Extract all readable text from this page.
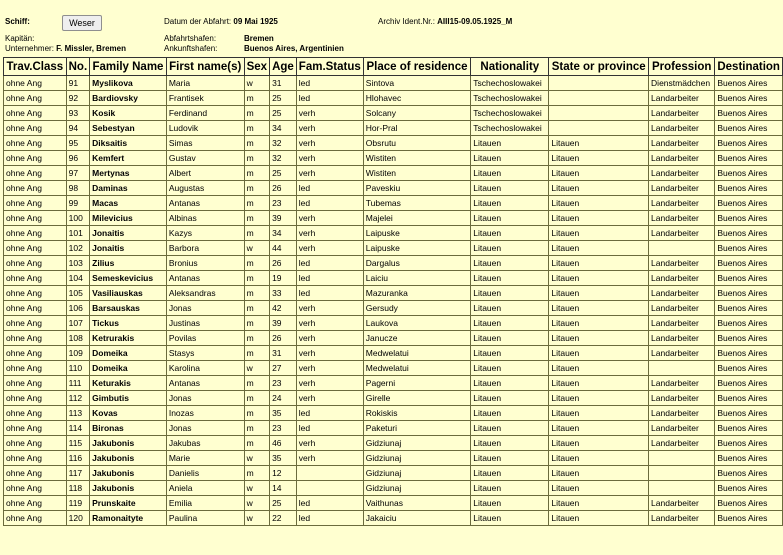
Schiff:	Weser
Kapitän:
Unternehmer: F. Missler, Bremen
Datum der Abfahrt: 09 Mai 1925
Abfahrtshafen:	Bremen
Ankunftshafen:	Buenos Aires, Argentinien
Archiv Ident.Nr.: AIII15-09.05.1925_M
Trav.Class	No.	Family Name	First name(s)	Sex	Age	Fam.Status	Place of residence	Nationality	State or province	Profession	Destination
ohne Ang	91	Myslikova	Maria	w	31	led	Sintova	Tschechoslowakei		Dienstmädchen	Buenos Aires
ohne Ang	92	Bardiovsky	Frantisek	m	25	led	Hlohavec	Tschechoslowakei		Landarbeiter	Buenos Aires
ohne Ang	93	Kosik	Ferdinand	m	25	verh	Solcany	Tschechoslowakei		Landarbeiter	Buenos Aires
ohne Ang	94	Sebestyan	Ludovik	m	34	verh	Hor-Pral	Tschechoslowakei		Landarbeiter	Buenos Aires
ohne Ang	95	Diksaitis	Simas	m	32	verh	Obsrutu	Litauen	Litauen	Landarbeiter	Buenos Aires
ohne Ang	96	Kemfert	Gustav	m	32	verh	Wistiten	Litauen	Litauen	Landarbeiter	Buenos Aires
ohne Ang	97	Mertynas	Albert	m	25	verh	Wistiten	Litauen	Litauen	Landarbeiter	Buenos Aires
ohne Ang	98	Daminas	Augustas	m	26	led	Paveskiu	Litauen	Litauen	Landarbeiter	Buenos Aires
ohne Ang	99	Macas	Antanas	m	23	led	Tubemas	Litauen	Litauen	Landarbeiter	Buenos Aires
ohne Ang	100	Milevicius	Albinas	m	39	verh	Majelei	Litauen	Litauen	Landarbeiter	Buenos Aires
ohne Ang	101	Jonaitis	Kazys	m	34	verh	Laipuske	Litauen	Litauen	Landarbeiter	Buenos Aires
ohne Ang	102	Jonaitis	Barbora	w	44	verh	Laipuske	Litauen	Litauen		Buenos Aires
ohne Ang	103	Zilius	Bronius	m	26	led	Dargalus	Litauen	Litauen	Landarbeiter	Buenos Aires
ohne Ang	104	Semeskevicius	Antanas	m	19	led	Laiciu	Litauen	Litauen	Landarbeiter	Buenos Aires
ohne Ang	105	Vasiliauskas	Aleksandras	m	33	led	Mazuranka	Litauen	Litauen	Landarbeiter	Buenos Aires
ohne Ang	106	Barsauskas	Jonas	m	42	verh	Gersudy	Litauen	Litauen	Landarbeiter	Buenos Aires
ohne Ang	107	Tickus	Justinas	m	39	verh	Laukova	Litauen	Litauen	Landarbeiter	Buenos Aires
ohne Ang	108	Ketrurakis	Povilas	m	26	verh	Janucze	Litauen	Litauen	Landarbeiter	Buenos Aires
ohne Ang	109	Domeika	Stasys	m	31	verh	Medwelatui	Litauen	Litauen	Landarbeiter	Buenos Aires
ohne Ang	110	Domeika	Karolina	w	27	verh	Medwelatui	Litauen	Litauen		Buenos Aires
ohne Ang	111	Keturakis	Antanas	m	23	verh	Pagerni	Litauen	Litauen	Landarbeiter	Buenos Aires
ohne Ang	112	Gimbutis	Jonas	m	24	verh	Girelle	Litauen	Litauen	Landarbeiter	Buenos Aires
ohne Ang	113	Kovas	Inozas	m	35	led	Rokiskis	Litauen	Litauen	Landarbeiter	Buenos Aires
ohne Ang	114	Bironas	Jonas	m	23	led	Paketuri	Litauen	Litauen	Landarbeiter	Buenos Aires
ohne Ang	115	Jakubonis	Jakubas	m	46	verh	Gidziunaj	Litauen	Litauen	Landarbeiter	Buenos Aires
ohne Ang	116	Jakubonis	Marie	w	35	verh	Gidziunaj	Litauen	Litauen		Buenos Aires
ohne Ang	117	Jakubonis	Danielis	m	12		Gidziunaj	Litauen	Litauen		Buenos Aires
ohne Ang	118	Jakubonis	Aniela	w	14		Gidziunaj	Litauen	Litauen		Buenos Aires
ohne Ang	119	Prunskaite	Emilia	w	25	led	Vaithunas	Litauen	Litauen	Landarbeiter	Buenos Aires
ohne Ang	120	Ramonaityte	Paulina	w	22	led	Jakaiciu	Litauen	Litauen	Landarbeiter	Buenos Aires
